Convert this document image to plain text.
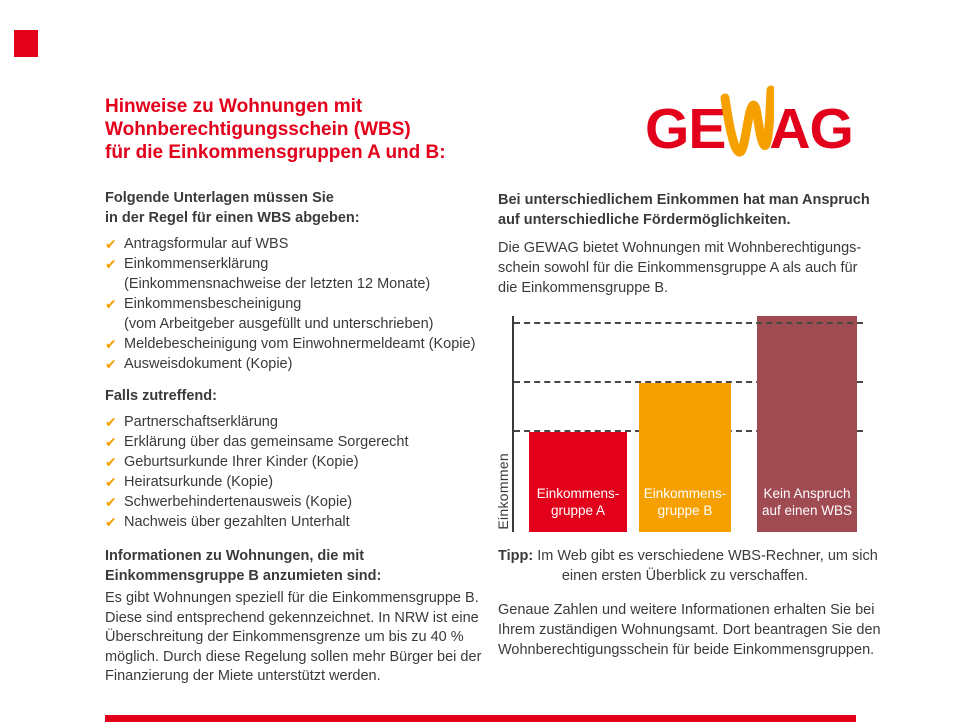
GE AG
Hinweise zu Wohnungen mit
Wohnberechtigungsschein (WBS)
für die Einkommensgruppen A und B:
Folgende Unterlagen müssen Sie
in der Regel für einen WBS abgeben:
✔ Antragsformular auf WBS
✔ Einkommenserklärung
(Einkommensnachweise der letzten 12 Monate)
✔ Einkommensbescheinigung
(vom Arbeitgeber ausgefüllt und unterschrieben)
✔ Meldebescheinigung vom Einwohnermeldeamt (Kopie)
✔ Ausweisdokument (Kopie)
Falls zutreffend:
✔ Partnerschaftserklärung
✔ Erklärung über das gemeinsame Sorgerecht
✔ Geburtsurkunde Ihrer Kinder (Kopie)
✔ Heiratsurkunde (Kopie)
✔ Schwerbehindertenausweis (Kopie)
✔ Nachweis über gezahlten Unterhalt
Informationen zu Wohnungen, die mit
Einkommensgruppe B anzumieten sind:
Es gibt Wohnungen speziell für die Einkommensgruppe B.
Diese sind entsprechend gekennzeichnet. In NRW ist eine
Überschreitung der Einkommensgrenze um bis zu 40 %
möglich. Durch diese Regelung sollen mehr Bürger bei der
Finanzierung der Miete unterstützt werden.
Bei unterschiedlichem Einkommen hat man Anspruch
auf unterschiedliche Fördermöglichkeiten.
Die GEWAG bietet Wohnungen mit Wohnberechtigungs-
schein sowohl für die Einkommensgruppe A als auch für
die Einkommensgruppe B.
Einkommen Einkommens-
gruppe A
Einkommens-
gruppe B
Kein Anspruch
auf einen WBS
Tipp: Im Web gibt es verschiedene WBS-Rechner, um sich
einen ersten Überblick zu verschaffen.
Genaue Zahlen und weitere Informationen erhalten Sie bei
Ihrem zuständigen Wohnungsamt. Dort beantragen Sie den
Wohnberechtigungsschein für beide Einkommensgruppen.
